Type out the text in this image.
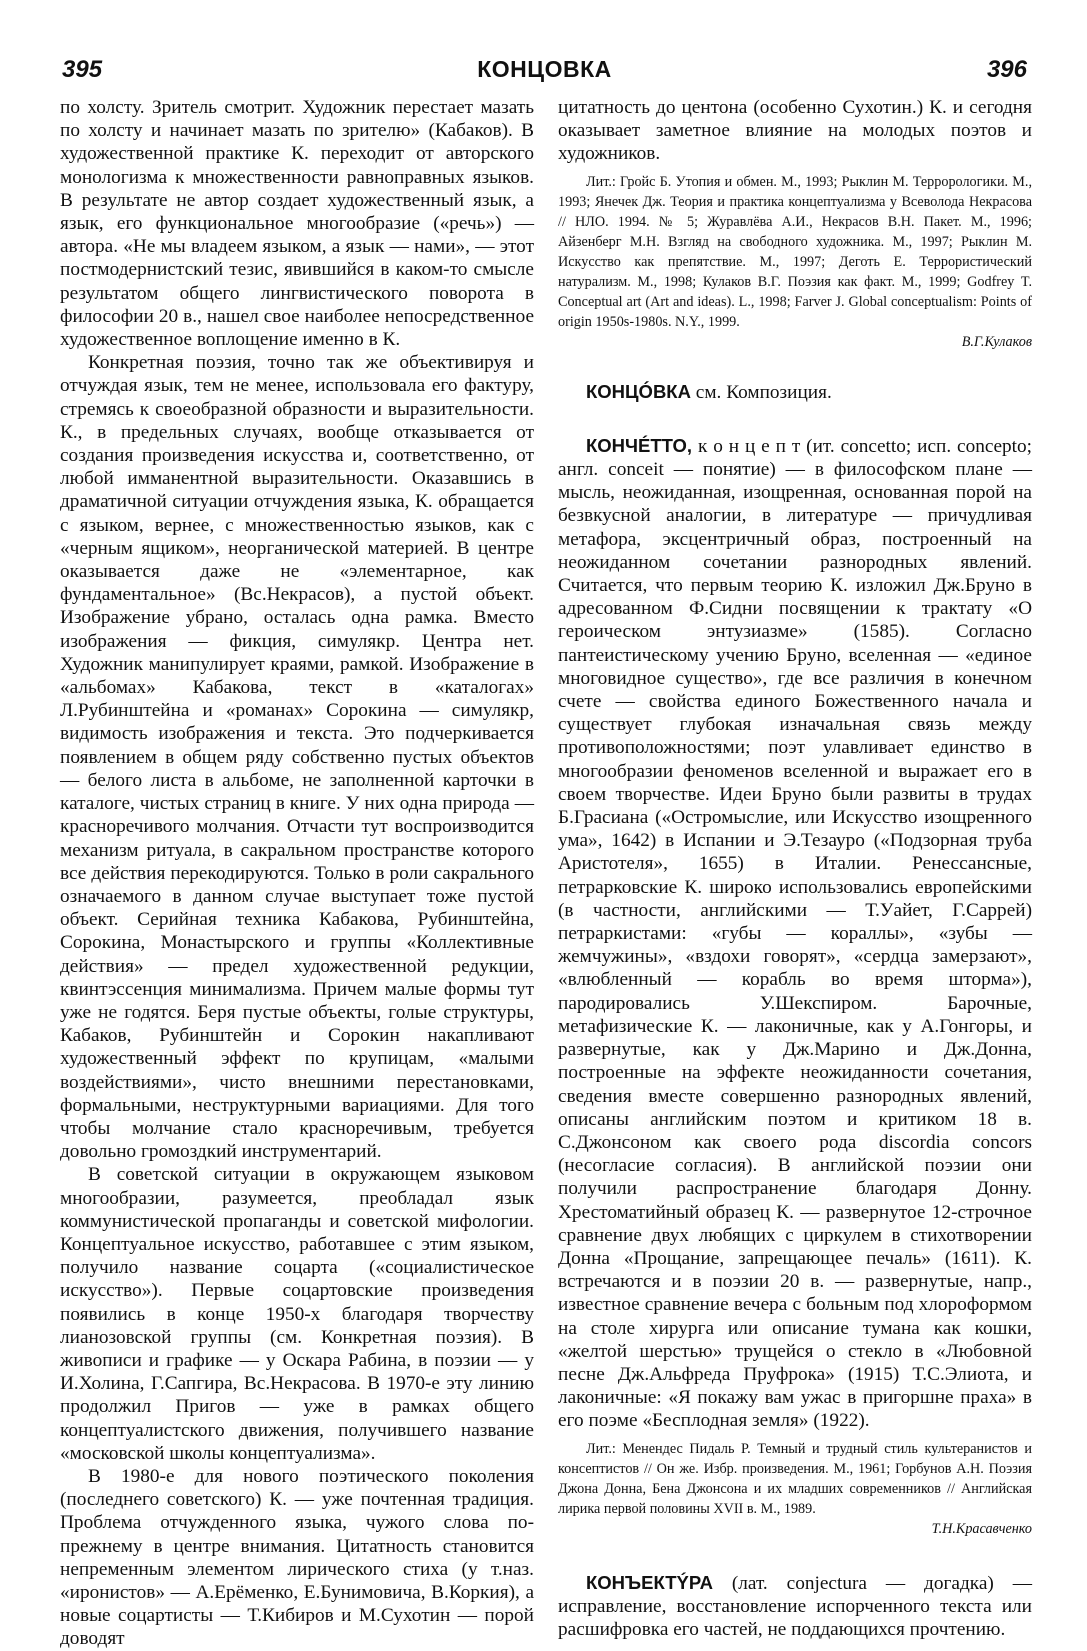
395	КОНЦОВКА	396

по холсту. Зритель смотрит. Художник перестает мазать по холсту и начинает мазать по зрителю» (Кабаков). В художественной практике К. переходит от авторского монологизма к множественности равноправных языков. В результате не автор создает художественный язык, а язык, его функциональное многообразие («речь») — автора. «Не мы владеем языком, а язык — нами», — этот постмодернистский тезис, явившийся в каком-то смысле результатом общего лингвистического поворота в философии 20 в., нашел свое наиболее непосредственное художественное воплощение именно в К.

Конкретная поэзия, точно так же объективируя и отчуждая язык, тем не менее, использовала его фактуру, стремясь к своеобразной образности и выразительности. К., в предельных случаях, вообще отказывается от создания произведения искусства и, соответственно, от любой имманентной выразительности. Оказавшись в драматичной ситуации отчуждения языка, К. обращается с языком, вернее, с множественностью языков, как с «черным ящиком», неорганической материей. В центре оказывается даже не «элементарное, как фундаментальное» (Вс.Некрасов), а пустой объект. Изображение убрано, осталась одна рамка. Вместо изображения — фикция, симулякр. Центра нет. Художник манипулирует краями, рамкой. Изображение в «альбомах» Кабакова, текст в «каталогах» Л.Рубинштейна и «романах» Сорокина — симулякр, видимость изображения и текста. Это подчеркивается появлением в общем ряду собственно пустых объектов — белого листа в альбоме, не заполненной карточки в каталоге, чистых страниц в книге. У них одна природа — красноречивого молчания. Отчасти тут воспроизводится механизм ритуала, в сакральном пространстве которого все действия перекодируются. Только в роли сакрального означаемого в данном случае выступает тоже пустой объект. Серийная техника Кабакова, Рубинштейна, Сорокина, Монастырского и группы «Коллективные действия» — предел художественной редукции, квинтэссенция минимализма. Причем малые формы тут уже не годятся. Беря пустые объекты, голые структуры, Кабаков, Рубинштейн и Сорокин накапливают художественный эффект по крупицам, «малыми воздействиями», чисто внешними перестановками, формальными, неструктурными вариациями. Для того чтобы молчание стало красноречивым, требуется довольно громоздкий инструментарий.

В советской ситуации в окружающем языковом многообразии, разумеется, преобладал язык коммунистической пропаганды и советской мифологии. Концептуальное искусство, работавшее с этим языком, получило название соцарта («социалистическое искусство»). Первые соцартовские произведения появились в конце 1950-х благодаря творчеству лианозовской группы (см. Конкретная поэзия). В живописи и графике — у Оскара Рабина, в поэзии — у И.Холина, Г.Сапгира, Вс.Некрасова. В 1970-е эту линию продолжил Пригов — уже в рамках общего концептуалистского движения, получившего название «московской школы концептуализма».

В 1980-е для нового поэтического поколения (последнего советского) К. — уже почтенная традиция. Проблема отчужденного языка, чужого слова по-прежнему в центре внимания. Цитатность становится непременным элементом лирического стиха (у т.наз. «иронистов» — А.Ерёменко, Е.Бунимовича, В.Коркия), а новые соцартисты — Т.Кибиров и М.Сухотин — порой доводят

цитатность до центона (особенно Сухотин.) К. и сегодня оказывает заметное влияние на молодых поэтов и художников.

Лит.: Гройс Б. Утопия и обмен. М., 1993; Рыклин М. Террорологики. М., 1993; Янечек Дж. Теория и практика концептуализма у Всеволода Некрасова // НЛО. 1994. № 5; Журавлёва А.И., Некрасов В.Н. Пакет. М., 1996; Айзенберг М.Н. Взгляд на свободного художника. М., 1997; Рыклин М. Искусство как препятствие. М., 1997; Деготь Е. Террористический натурализм. М., 1998; Кулаков В.Г. Поэзия как факт. М., 1999; Godfrey T. Conceptual art (Art and ideas). L., 1998; Farver J. Global conceptualism: Points of origin 1950s-1980s. N.Y., 1999.

В.Г.Кулаков

КОНЦÓВКА см. Композиция.

КОНЧÉТТО, к о н ц е п т (ит. concetto; исп. concepto; англ. conceit — понятие) — в философском плане — мысль, неожиданная, изощренная, основанная порой на безвкусной аналогии, в литературе — причудливая метафора, эксцентричный образ, построенный на неожиданном сочетании разнородных явлений. Считается, что первым теорию К. изложил Дж.Бруно в адресованном Ф.Сидни посвящении к трактату «О героическом энтузиазме» (1585). Согласно пантеистическому учению Бруно, вселенная — «единое многовидное существо», где все различия в конечном счете — свойства единого Божественного начала и существует глубокая изначальная связь между противоположностями; поэт улавливает единство в многообразии феноменов вселенной и выражает его в своем творчестве. Идеи Бруно были развиты в трудах Б.Грасиана («Остромыслие, или Искусство изощренного ума», 1642) в Испании и Э.Тезауро («Подзорная труба Аристотеля», 1655) в Италии. Ренессансные, петрарковские К. широко использовались европейскими (в частности, английскими — Т.Уайет, Г.Саррей) петраркистами: «губы — кораллы», «зубы — жемчужины», «вздохи говорят», «сердца замерзают», «влюбленный — корабль во время шторма»), пародировались У.Шекспиром. Барочные, метафизические К. — лаконичные, как у А.Гонгоры, и развернутые, как у Дж.Марино и Дж.Донна, построенные на эффекте неожиданности сочетания, сведения вместе совершенно разнородных явлений, описаны английским поэтом и критиком 18 в. С.Джонсоном как своего рода discordia concors (несогласие согласия). В английской поэзии они получили распространение благодаря Донну. Хрестоматийный образец К. — развернутое 12-строчное сравнение двух любящих с циркулем в стихотворении Донна «Прощание, запрещающее печаль» (1611). К. встречаются и в поэзии 20 в. — развернутые, напр., известное сравнение вечера с больным под хлороформом на столе хирурга или описание тумана как кошки, «желтой шерстью» трущейся о стекло в «Любовной песне Дж.Альфреда Пруфрока» (1915) Т.С.Элиота, и лаконичные: «Я покажу вам ужас в пригоршне праха» в его поэме «Бесплодная земля» (1922).

Лит.: Менендес Пидаль Р. Темный и трудный стиль культеранистов и консептистов // Он же. Избр. произведения. М., 1961; Горбунов А.Н. Поэзия Джона Донна, Бена Джонсона и их младших современников // Английская лирика первой половины XVII в. М., 1989.

Т.Н.Красавченко

КОНЪЕКТÝРА (лат. conjectura — догадка) — исправление, восстановление испорченного текста или расшифровка его частей, не поддающихся прочтению.
